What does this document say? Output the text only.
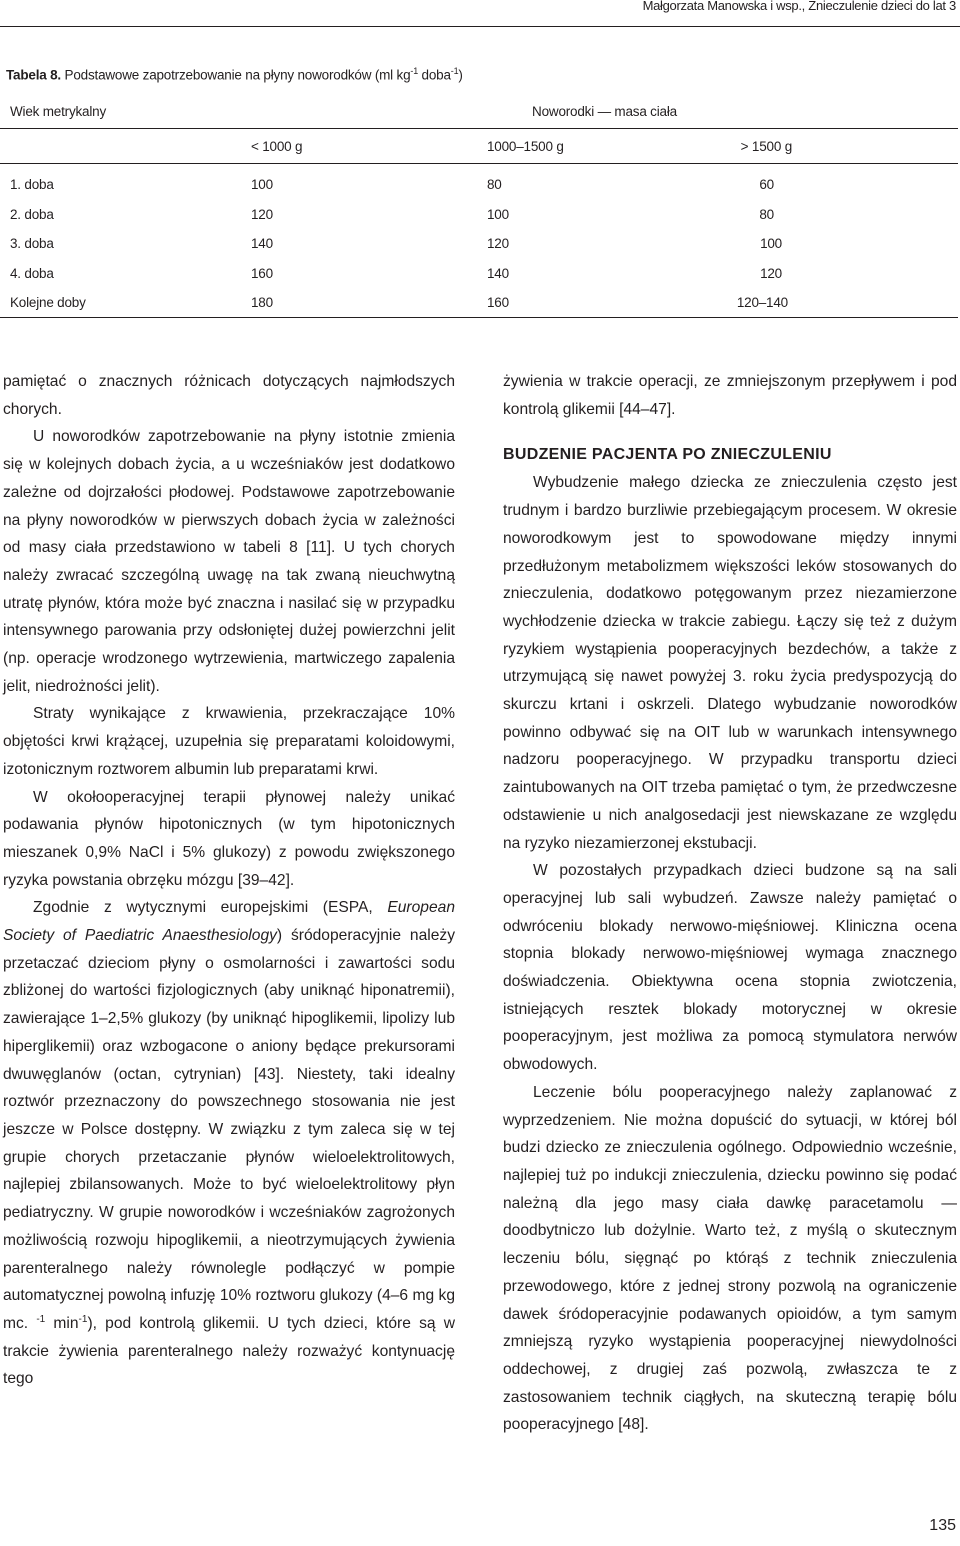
Małgorzata Manowska i wsp., Znieczulenie dzieci do lat 3
Tabela 8. Podstawowe zapotrzebowanie na płyny noworodków (ml $kg^{-1}$ doba$^{-1}$)
Wiek metrykalny	Noworodki — masa ciała		
	< 1000 g	1000–1500 g	> 1500 g
1. doba	100	80	60
2. doba	120	100	80
3. doba	140	120	100
4. doba	160	140	120
Kolejne doby	180	160	120–140

pamiętać o znacznych różnicach dotyczących najmłodszych chorych.

U noworodków zapotrzebowanie na płyny istotnie zmienia się w kolejnych dobach życia, a u wcześniaków jest dodatkowo zależne od dojrzałości płodowej. Podstawowe zapotrzebowanie na płyny noworodków w pierwszych dobach życia w zależności od masy ciała przedstawiono w tabeli 8 [11]. U tych chorych należy zwracać szczególną uwagę na tak zwaną nieuchwytną utratę płynów, która może być znaczna i nasilać się w przypadku intensywnego parowania przy odsłoniętej dużej powierzchni jelit (np. operacje wrodzonego wytrzewienia, martwiczego zapalenia jelit, niedrożności jelit).

Straty wynikające z krwawienia, przekraczające 10% objętości krwi krążącej, uzupełnia się preparatami koloidowymi, izotonicznym roztworem albumin lub preparatami krwi.

W okołooperacyjnej terapii płynowej należy unikać podawania płynów hipotonicznych (w tym hipotonicznych mieszanek 0,9% NaCl i 5% glukozy) z powodu zwiększonego ryzyka powstania obrzęku mózgu [39–42].

Zgodnie z wytycznymi europejskimi (ESPA, European Society of Paediatric Anaesthesiology) śródoperacyjnie należy przetaczać dzieciom płyny o osmolarności i zawartości sodu zbliżonej do wartości fizjologicznych (aby uniknąć hiponatremii), zawierające 1–2,5% glukozy (by uniknąć hipoglikemii, lipolizy lub hiperglikemii) oraz wzbogacone o aniony będące prekursorami dwuwęglanów (octan, cytrynian) [43]. Niestety, taki idealny roztwór przeznaczony do powszechnego stosowania nie jest jeszcze w Polsce dostępny. W związku z tym zaleca się w tej grupie chorych przetaczanie płynów wieloelektrolitowych, najlepiej zbilansowanych. Może to być wieloelektrolitowy płyn pediatryczny. W grupie noworodków i wcześniaków zagrożonych możliwością rozwoju hipoglikemii, a nieotrzymujących żywienia parenteralnego należy równolegle podłączyć w pompie automatycznej powolną infuzję 10% roztworu glukozy (4–6 mg kg mc. $^{-1}$ $\min^{-1}$), pod kontrolą glikemii. U tych dzieci, które są w trakcie żywienia parenteralnego należy rozważyć kontynuację tego

żywienia w trakcie operacji, ze zmniejszonym przepływem i pod kontrolą glikemii [44–47].

BUDZENIE PACJENTA PO ZNIECZULENIU

Wybudzenie małego dziecka ze znieczulenia często jest trudnym i bardzo burzliwie przebiegającym procesem. W okresie noworodkowym jest to spowodowane między innymi przedłużonym metabolizmem większości leków stosowanych do znieczulenia, dodatkowo potęgowanym przez niezamierzone wychłodzenie dziecka w trakcie zabiegu. Łączy się też z dużym ryzykiem wystąpienia pooperacyjnych bezdechów, a także z utrzymującą się nawet powyżej 3. roku życia predyspozycją do skurczu krtani i oskrzeli. Dlatego wybudzanie noworodków powinno odbywać się na OIT lub w warunkach intensywnego nadzoru pooperacyjnego. W przypadku transportu dzieci zaintubowanych na OIT trzeba pamiętać o tym, że przedwczesne odstawienie u nich analgosedacji jest niewskazane ze względu na ryzyko niezamierzonej ekstubacji.

W pozostałych przypadkach dzieci budzone są na sali operacyjnej lub sali wybudzeń. Zawsze należy pamiętać o odwróceniu blokady nerwowo-mięśniowej. Kliniczna ocena stopnia blokady nerwowo-mięśniowej wymaga znacznego doświadczenia. Obiektywna ocena stopnia zwiotczenia, istniejących resztek blokady motorycznej w okresie pooperacyjnym, jest możliwa za pomocą stymulatora nerwów obwodowych.

Leczenie bólu pooperacyjnego należy zaplanować z wyprzedzeniem. Nie można dopuścić do sytuacji, w której ból budzi dziecko ze znieczulenia ogólnego. Odpowiednio wcześnie, najlepiej tuż po indukcji znieczulenia, dziecku powinno się podać należną dla jego masy ciała dawkę paracetamolu — doodbytniczo lub dożylnie. Warto też, z myślą o skutecznym leczeniu bólu, sięgnąć po którąś z technik znieczulenia przewodowego, które z jednej strony pozwolą na ograniczenie dawek śródoperacyjnie podawanych opioidów, a tym samym zmniejszą ryzyko wystąpienia pooperacyjnej niewydolności oddechowej, z drugiej zaś pozwolą, zwłaszcza te z zastosowaniem technik ciągłych, na skuteczną terapię bólu pooperacyjnego [48].

135
